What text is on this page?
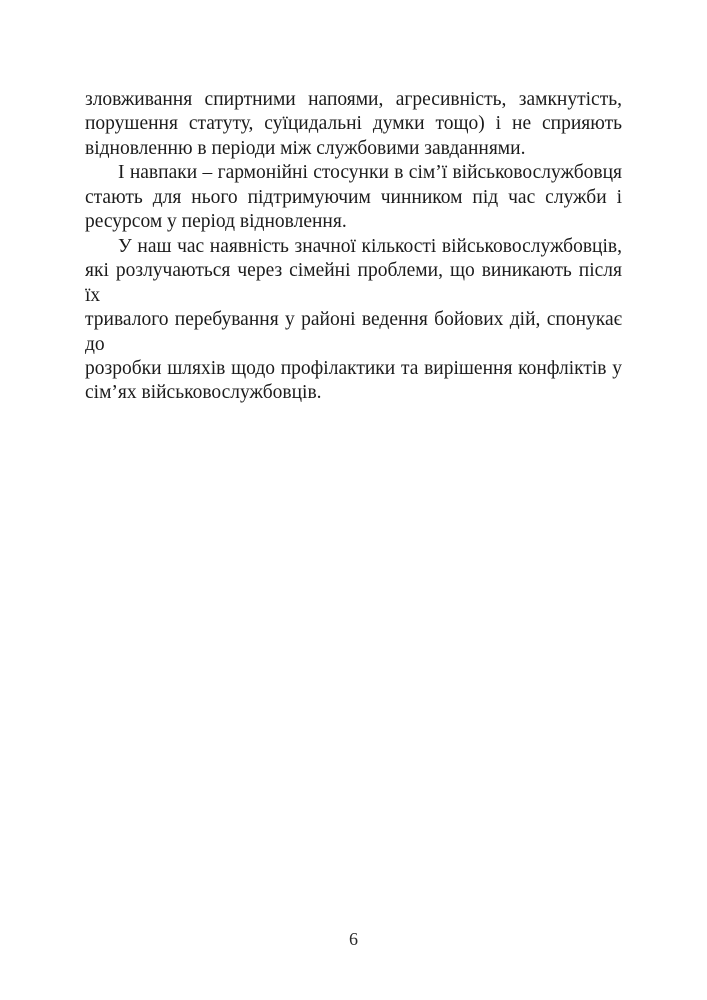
зловживання спиртними напоями, агресивність, замкнутість,
порушення статуту, суїцидальні думки тощо) і не сприяють
відновленню в періоди між службовими завданнями.
І навпаки – гармонійні стосунки в сім’ї військовослужбовця
стають для нього підтримуючим чинником під час служби і
ресурсом у період відновлення.
У наш час наявність значної кількості військовослужбовців,
які розлучаються через сімейні проблеми, що виникають після їх
тривалого перебування у районі ведення бойових дій, спонукає до
розробки шляхів щодо профілактики та вирішення конфліктів у
сім’ях військовослужбовців.
6
